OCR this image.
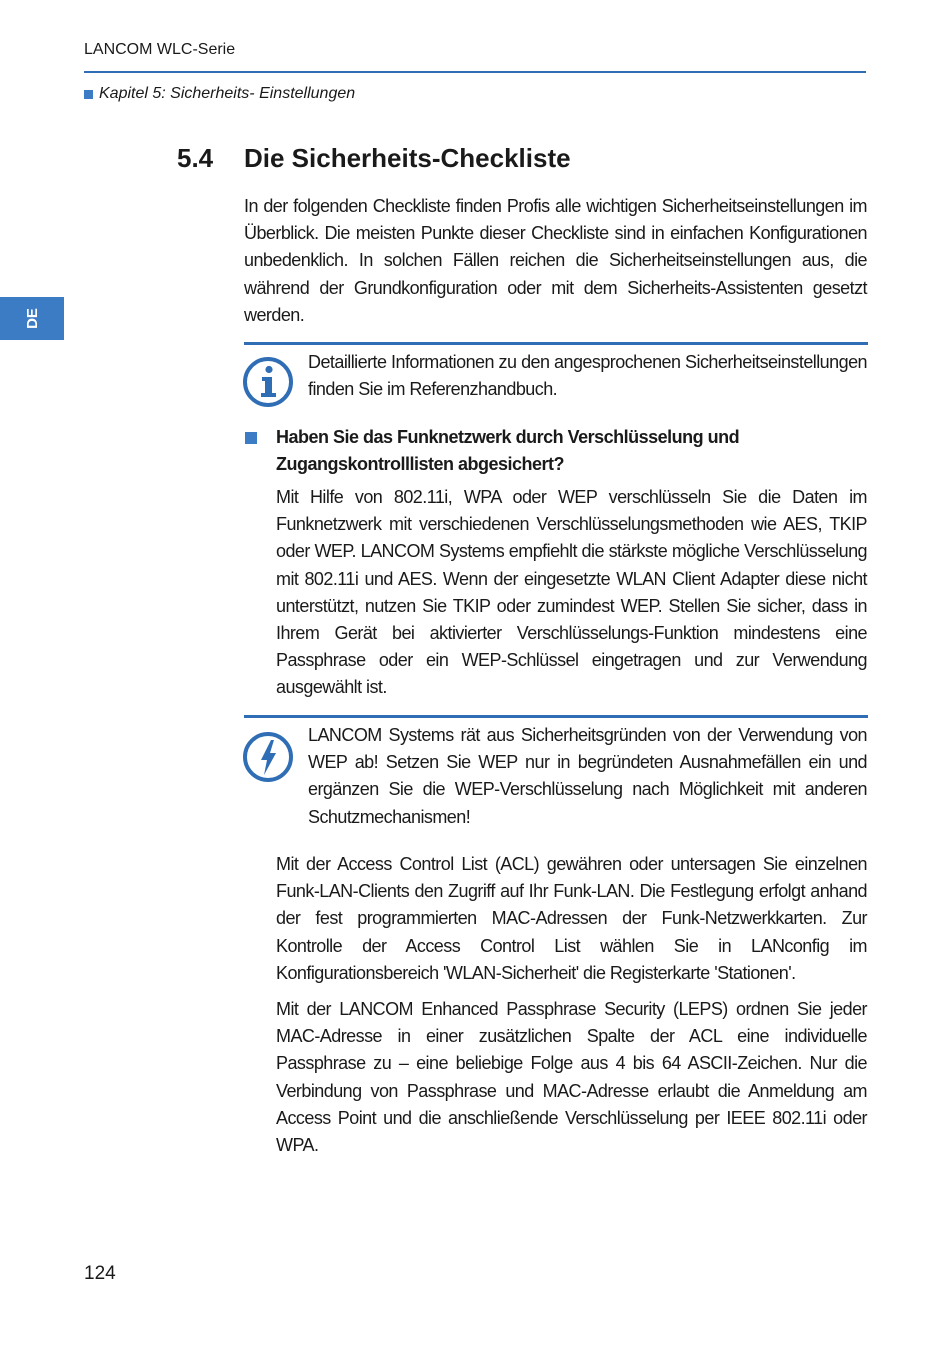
LANCOM WLC-Serie
Kapitel 5: Sicherheits- Einstellungen
DE
5.4 Die Sicherheits-Checkliste

In der folgenden Checkliste finden Profis alle wichtigen Sicherheitseinstellungen im Überblick. Die meisten Punkte dieser Checkliste sind in einfachen Konfigurationen unbedenklich. In solchen Fällen reichen die Sicherheitseinstellungen aus, die während der Grundkonfiguration oder mit dem Sicherheits-Assistenten gesetzt werden.

Detaillierte Informationen zu den angesprochenen Sicherheitseinstellungen finden Sie im Referenzhandbuch.

Haben Sie das Funknetzwerk durch Verschlüsselung und Zugangskontrolllisten abgesichert?

Mit Hilfe von 802.11i, WPA oder WEP verschlüsseln Sie die Daten im Funknetzwerk mit verschiedenen Verschlüsselungsmethoden wie AES, TKIP oder WEP. LANCOM Systems empfiehlt die stärkste mögliche Verschlüsselung mit 802.11i und AES. Wenn der eingesetzte WLAN Client Adapter diese nicht unterstützt, nutzen Sie TKIP oder zumindest WEP. Stellen Sie sicher, dass in Ihrem Gerät bei aktivierter Verschlüsselungs-Funktion mindestens eine Passphrase oder ein WEP-Schlüssel eingetragen und zur Verwendung ausgewählt ist.

LANCOM Systems rät aus Sicherheitsgründen von der Verwendung von WEP ab! Setzen Sie WEP nur in begründeten Ausnahmefällen ein und ergänzen Sie die WEP-Verschlüsselung nach Möglichkeit mit anderen Schutzmechanismen!

Mit der Access Control List (ACL) gewähren oder untersagen Sie einzelnen Funk-LAN-Clients den Zugriff auf Ihr Funk-LAN. Die Festlegung erfolgt anhand der fest programmierten MAC-Adressen der Funk-Netzwerkkarten. Zur Kontrolle der Access Control List wählen Sie in LANconfig im Konfigurationsbereich 'WLAN-Sicherheit' die Registerkarte 'Stationen'.

Mit der LANCOM Enhanced Passphrase Security (LEPS) ordnen Sie jeder MAC-Adresse in einer zusätzlichen Spalte der ACL eine individuelle Passphrase zu – eine beliebige Folge aus 4 bis 64 ASCII-Zeichen. Nur die Verbindung von Passphrase und MAC-Adresse erlaubt die Anmeldung am Access Point und die anschließende Verschlüsselung per IEEE 802.11i oder WPA.

124
